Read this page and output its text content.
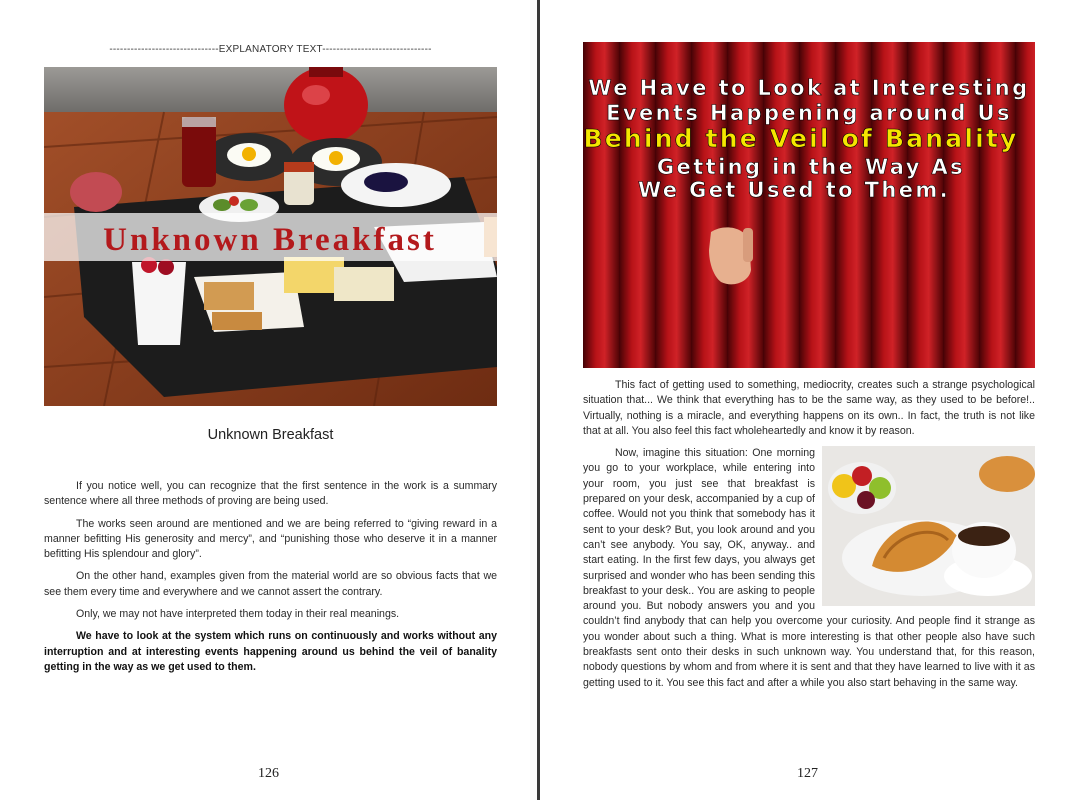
-------------------------------EXPLANATORY TEXT-------------------------------
Unknown Breakfast
Unknown Breakfast

If you notice well, you can recognize that the first sentence in the work is a summary sentence where all three methods of proving are being used.

The works seen around are mentioned and we are being referred to “giving reward in a manner befitting His generosity and mercy”, and “punishing those who deserve it in a manner befitting His splendour and glory”.

On the other hand, examples given from the material world are so obvious facts that we see them every time and everywhere and we cannot assert the contrary.

Only, we may not have interpreted them today in their real meanings.

We have to look at the system which runs on continuously and works without any interruption and at interesting events happening around us behind the veil of banality getting in the way as we get used to them.

126
We Have to Look at Interesting
Events Happening around Us
Behind the Veil of Banality
Getting in the Way As
We Get Used to Them.

This fact of getting used to something, mediocrity, creates such a strange psychological situation that... We think that everything has to be the same way, as they used to be before!.. Virtually, nothing is a miracle, and everything happens on its own.. In fact, the truth is not like that at all. You also feel this fact wholeheartedly and know it by reason.

Now, imagine this situation: One morning you go to your workplace, while entering into your room, you just see that breakfast is prepared on your desk, accompanied by a cup of coffee. Would not you think that somebody has it sent to your desk? But, you look around and you can’t see anybody. You say, OK, anyway.. and start eating. In the first few days, you always get surprised and wonder who has been sending this breakfast to your desk.. You are asking to people around you. But nobody answers you and you couldn’t find anybody that can help you overcome your curiosity. And people find it strange as you wonder about such a thing. What is more interesting is that other people also have such breakfasts sent onto their desks in such unknown way. You understand that, for this reason, nobody questions by whom and from where it is sent and that they have learned to live with it as getting used to it. You see this fact and after a while you also start behaving in the same way.

127
